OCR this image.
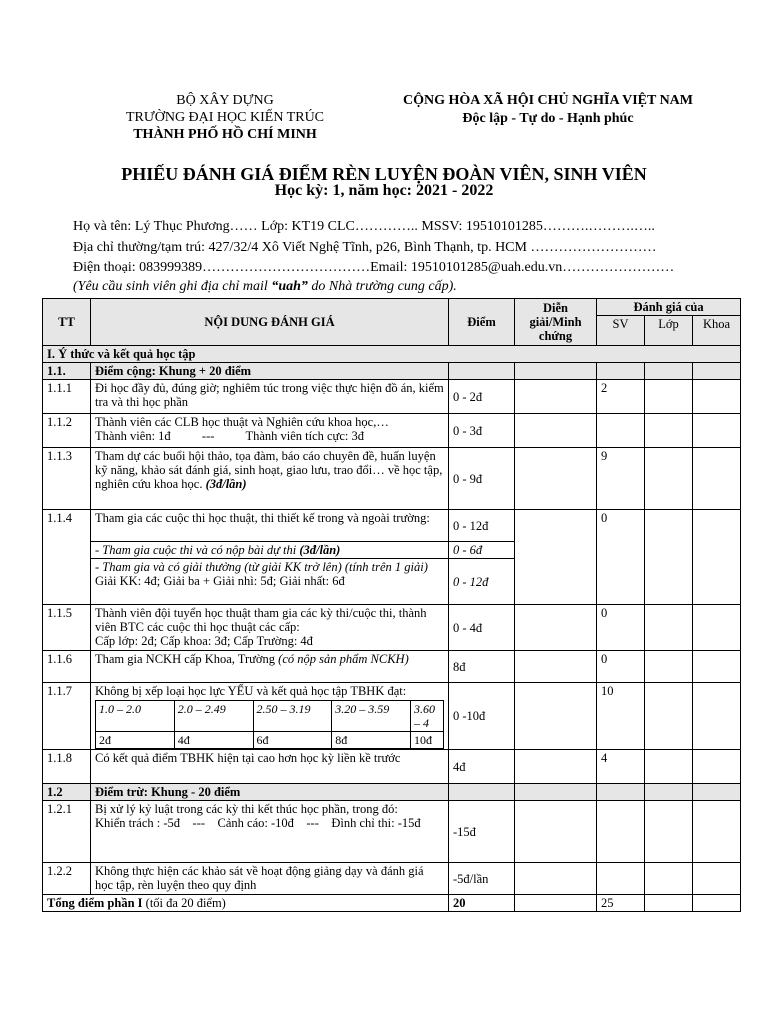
BỘ XÂY DỰNG
TRƯỜNG ĐẠI HỌC KIẾN TRÚC
THÀNH PHỐ HỒ CHÍ MINH
CỘNG HÒA XÃ HỘI CHỦ NGHĨA VIỆT NAM
Độc lập - Tự do - Hạnh phúc
PHIẾU ĐÁNH GIÁ ĐIỂM RÈN LUYỆN ĐOÀN VIÊN, SINH VIÊN
Học kỳ: 1, năm học: 2021 - 2022
Họ và tên: Lý Thục Phương…… Lớp: KT19 CLC………….. MSSV: 19510101285……….……….…..
Địa chỉ thường/tạm trú: 427/32/4 Xô Viết Nghệ Tĩnh, p26, Bình Thạnh, tp. HCM ………………………
Điện thoại: 083999389………………………………Email: 19510101285@uah.edu.vn……………………
(Yêu cầu sinh viên ghi địa chỉ mail “uah” do Nhà trường cung cấp).
TT	NỘI DUNG ĐÁNH GIÁ	Điểm	Diễn giải/Minh chứng	Đánh giá của
SV	Lớp	Khoa
I. Ý thức và kết quả học tập
1.1.	Điểm cộng: Khung + 20 điểm					
1.1.1	Đi học đầy đủ, đúng giờ; nghiêm túc trong việc thực hiện đồ án, kiểm tra và thi học phần	0 - 2đ		2		
1.1.2	Thành viên các CLB học thuật và Nghiên cứu khoa học,…
Thành viên: 1đ          ---          Thành viên tích cực: 3đ	0 - 3đ				
1.1.3	Tham dự các buổi hội thảo, tọa đàm, báo cáo chuyên đề, huấn luyện kỹ năng, khảo sát đánh giá, sinh hoạt, giao lưu, trao đổi… về học tập, nghiên cứu khoa học. (3đ/lần)	0 - 9đ		9		
1.1.4	Tham gia các cuộc thi học thuật, thi thiết kế trong và ngoài trường:	0 - 12đ		0		
- Tham gia cuộc thi và có nộp bài dự thi (3đ/lần)	0 - 6đ

- Tham gia và có giải thưởng (từ giải KK trở lên) (tính trên 1 giải)
Giải KK: 4đ; Giải ba + Giải nhì: 5đ; Giải nhất: 6đ	0 - 12đ
1.1.5	Thành viên đội tuyển học thuật tham gia các kỳ thi/cuộc thi, thành viên BTC các cuộc thi học thuật các cấp:
Cấp lớp: 2đ; Cấp khoa: 3đ; Cấp Trường: 4đ
	0 - 4đ		0		
1.1.6	Tham gia NCKH cấp Khoa, Trường (có nộp sản phẩm NCKH)	8đ		0		
1.1.7	Không bị xếp loại học lực YẾU và kết quả học tập TBHK đạt:
1.0 – 2.0	2.0 – 2.49	2.50 – 3.19	3.20 – 3.59	3.60 – 4
2đ	4đ	6đ	8đ	10đ
	0 -10đ		10		
1.1.8	Có kết quả điểm TBHK hiện tại cao hơn học kỳ liền kề trước	4đ		4		
1.2	Điểm trừ: Khung - 20 điểm					
1.2.1	Bị xử lý kỷ luật trong các kỳ thi kết thúc học phần, trong đó:
Khiển trách : -5đ    ---    Cảnh cáo: -10đ    ---    Đình chỉ thi: -15đ
	-15đ				
1.2.2	Không thực hiện các khảo sát về hoạt động giảng dạy và đánh giá học tập, rèn luyện theo quy định	-5đ/lần				
Tổng điểm phần I (tối đa 20 điểm)	20		25		
